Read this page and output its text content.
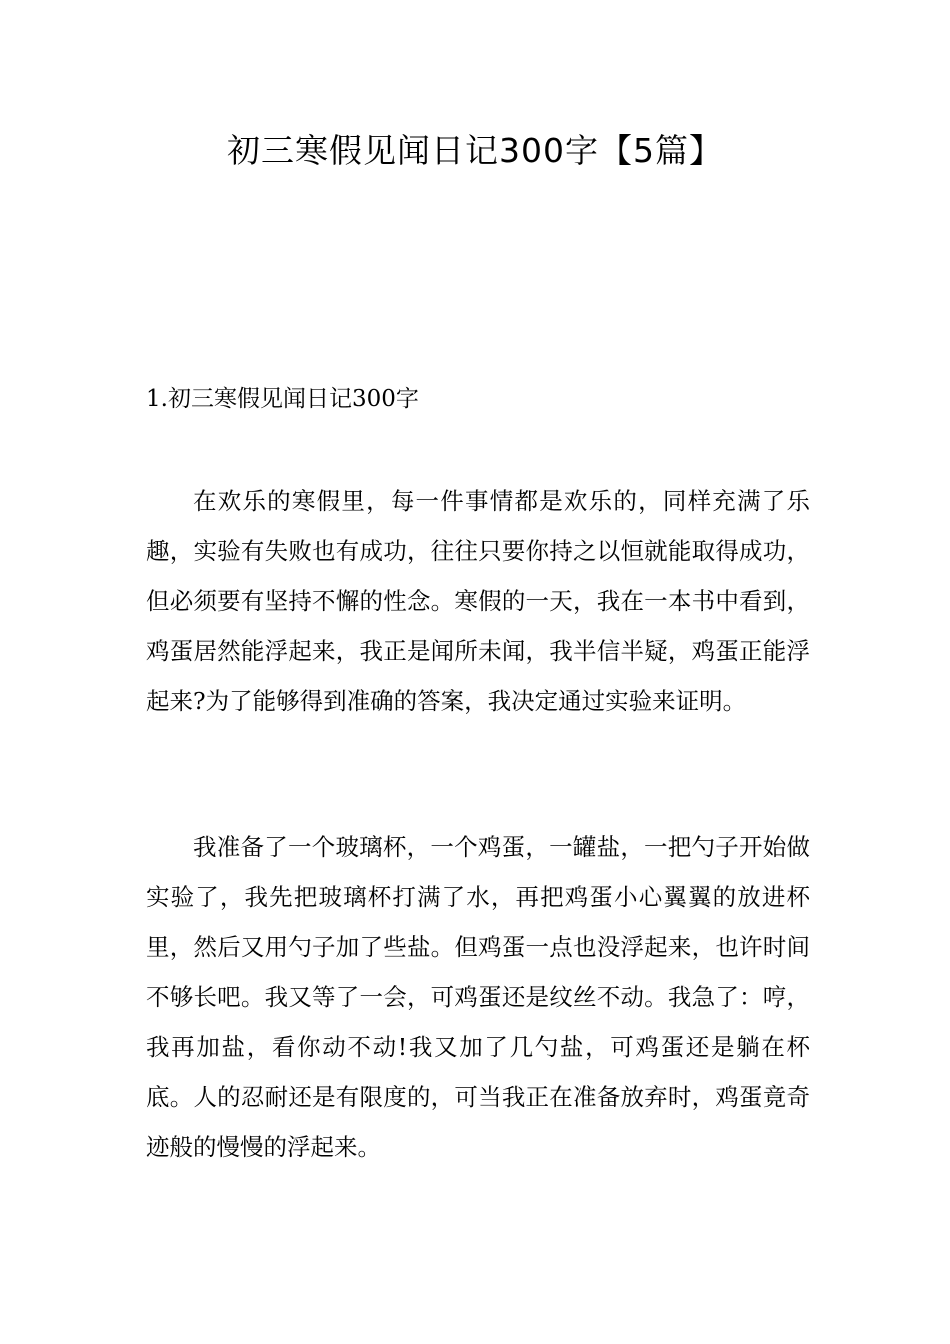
初三寒假见闻日记300字【5篇】
1.初三寒假见闻日记300字

在欢乐的寒假里，每一件事情都是欢乐的，同样充满了乐趣，实验有失败也有成功，往往只要你持之以恒就能取得成功，但必须要有坚持不懈的性念。寒假的一天，我在一本书中看到，鸡蛋居然能浮起来，我正是闻所未闻，我半信半疑，鸡蛋正能浮起来?为了能够得到准确的答案，我决定通过实验来证明。

我准备了一个玻璃杯，一个鸡蛋，一罐盐，一把勺子开始做实验了，我先把玻璃杯打满了水，再把鸡蛋小心翼翼的放进杯里，然后又用勺子加了些盐。但鸡蛋一点也没浮起来，也许时间不够长吧。我又等了一会，可鸡蛋还是纹丝不动。我急了：哼，我再加盐，看你动不动!我又加了几勺盐，可鸡蛋还是躺在杯底。人的忍耐还是有限度的，可当我正在准备放弃时，鸡蛋竟奇迹般的慢慢的浮起来。
